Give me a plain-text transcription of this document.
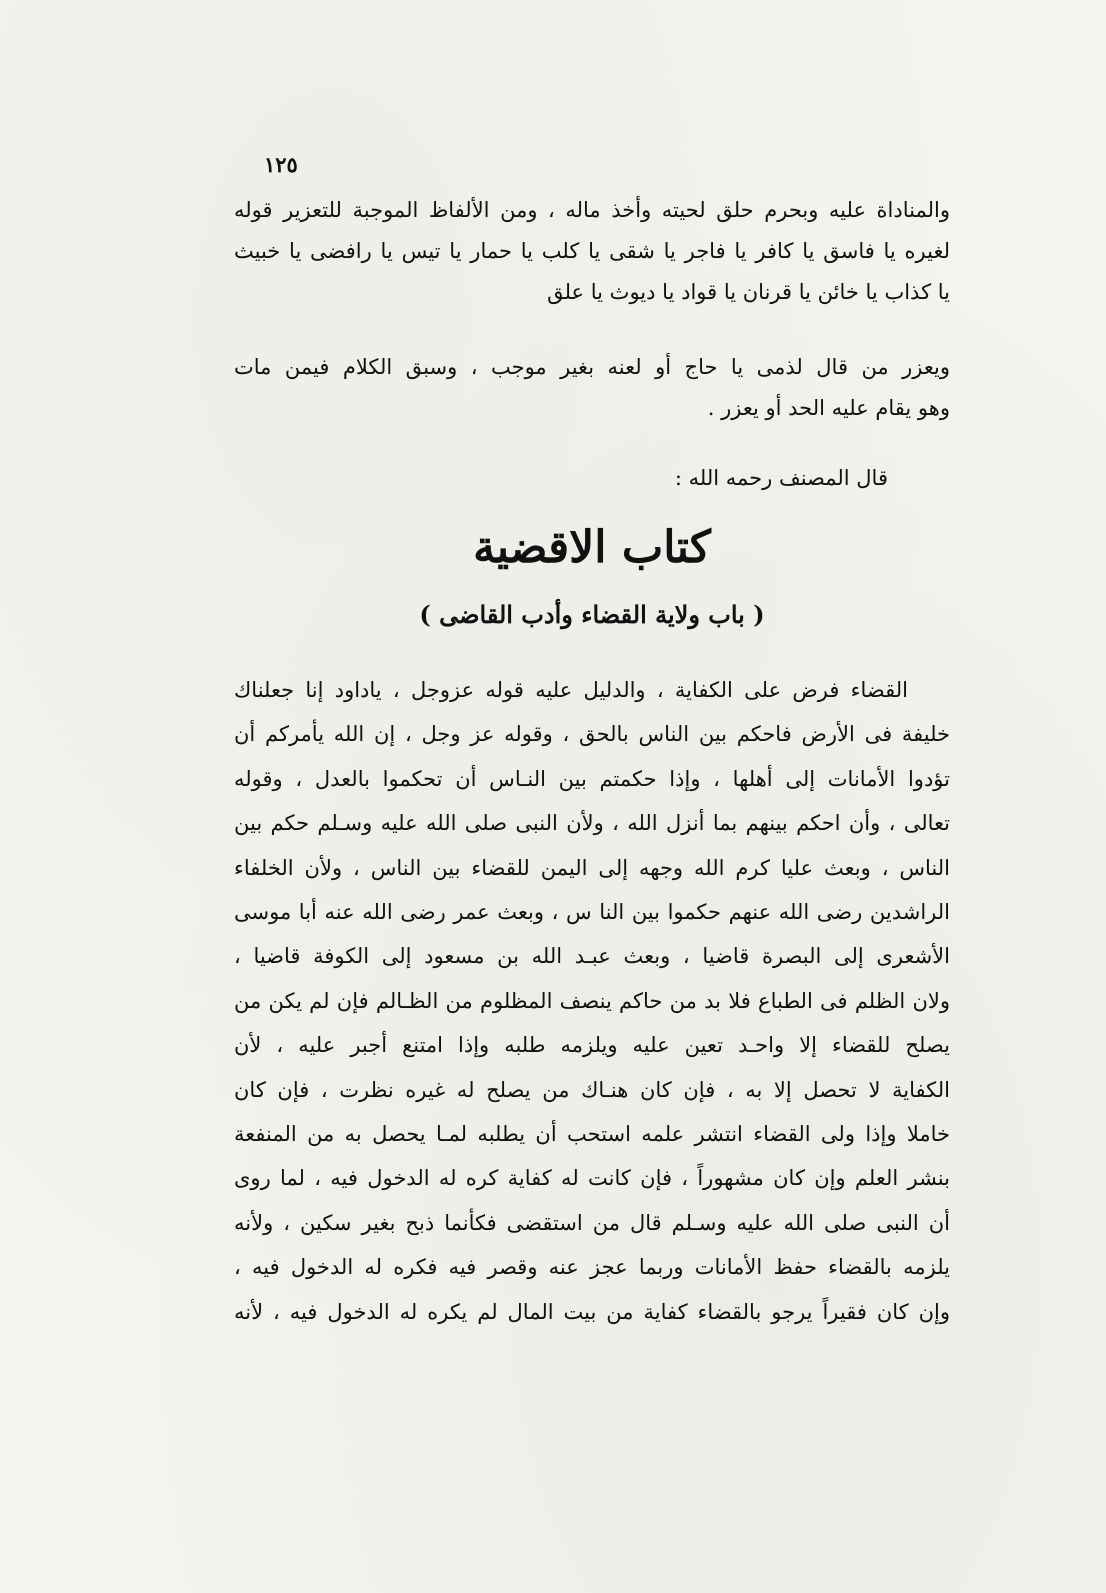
١٢٥
والمناداة عليه وبحرم حلق لحيته وأخذ ماله ، ومن الألفاظ الموجبة للتعزير قوله
لغيره يا فاسق يا كافر يا فاجر يا شقى يا كلب يا حمار يا تيس يا رافضى يا خبيث
يا كذاب يا خائن يا قرنان يا قواد يا ديوث يا علق
ويعزر من قال لذمى يا حاج أو لعنه بغير موجب ، وسبق الكلام فيمن مات
وهو يقام عليه الحد أو يعزر .
قال المصنف رحمه الله :
كتاب الاقضية
( باب ولاية القضاء وأدب القاضى )
القضاء فرض على الكفاية ، والدليل عليه قوله عزوجل ، ياداود إنا جعلناك
خليفة فى الأرض فاحكم بين الناس بالحق ، وقوله عز وجل ، إن الله يأمركم أن
تؤدوا الأمانات إلى أهلها ، وإذا حكمتم بين النـاس أن تحكموا بالعدل ، وقوله
تعالى ، وأن احكم بينهم بما أنزل الله ، ولأن النبى صلى الله عليه وسـلم حكم بين
الناس ، وبعث عليا كرم الله وجهه إلى اليمن للقضاء بين الناس ، ولأن الخلفاء
الراشدين رضى الله عنهم حكموا بين النا س ، وبعث عمر رضى الله عنه أبا موسى
الأشعرى إلى البصرة قاضيا ، وبعث عبـد الله بن مسعود إلى الكوفة قاضيا ،
ولان الظلم فى الطباع فلا بد من حاكم ينصف المظلوم من الظـالم فإن لم يكن من
يصلح للقضاء إلا واحـد تعين عليه ويلزمه طلبه وإذا امتنع أجبر عليه ، لأن
الكفاية لا تحصل إلا به ، فإن كان هنـاك من يصلح له غيره نظرت ، فإن كان
خاملا وإذا ولى القضاء انتشر علمه استحب أن يطلبه لمـا يحصل به من المنفعة
بنشر العلم وإن كان مشهوراً ، فإن كانت له كفاية كره له الدخول فيه ، لما روى
أن النبى صلى الله عليه وسـلم قال من استقضى فكأنما ذبح بغير سكين ، ولأنه
يلزمه بالقضاء حفظ الأمانات وربما عجز عنه وقصر فيه فكره له الدخول فيه ،
وإن كان فقيراً يرجو بالقضاء كفاية من بيت المال لم يكره له الدخول فيه ، لأنه
